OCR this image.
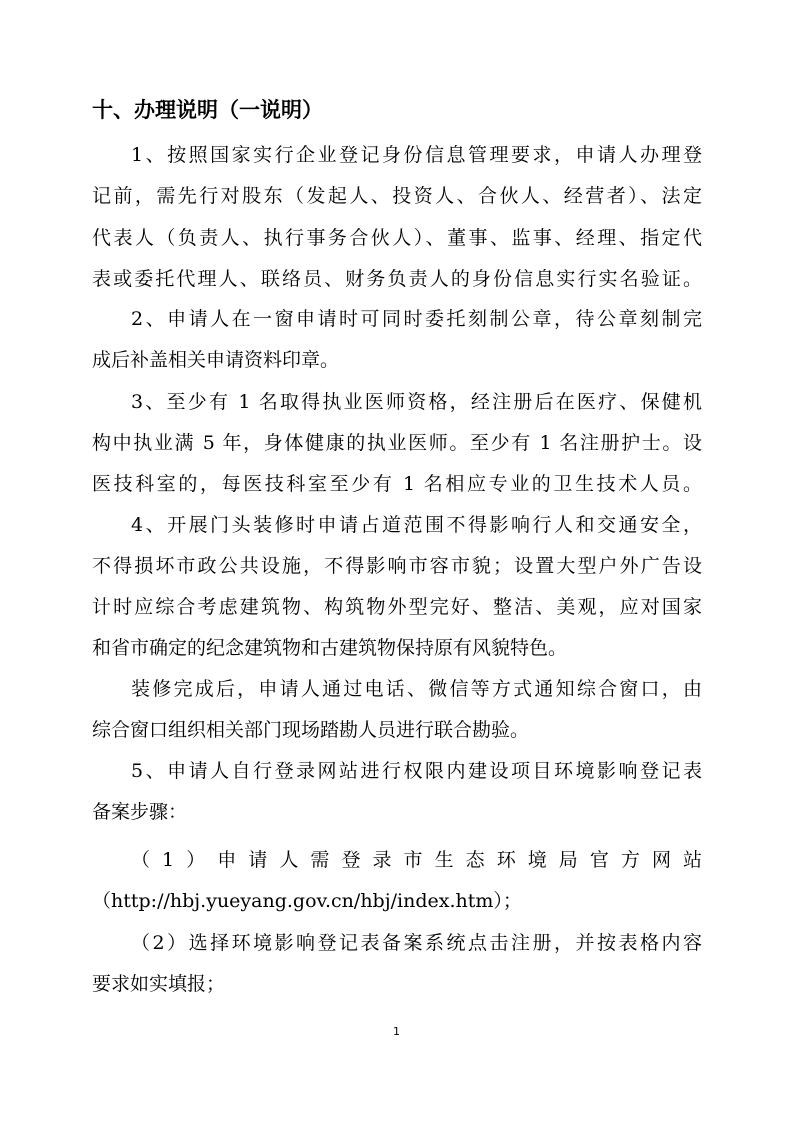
十、办理说明（一说明）
1、按照国家实行企业登记身份信息管理要求，申请人办理登
记前，需先行对股东（发起人、投资人、合伙人、经营者）、法定
代表人（负责人、执行事务合伙人）、董事、监事、经理、指定代
表或委托代理人、联络员、财务负责人的身份信息实行实名验证。
2、申请人在一窗申请时可同时委托刻制公章，待公章刻制完
成后补盖相关申请资料印章。
3、至少有 1 名取得执业医师资格，经注册后在医疗、保健机
构中执业满 5 年，身体健康的执业医师。至少有 1 名注册护士。设
医技科室的，每医技科室至少有 1 名相应专业的卫生技术人员。
4、开展门头装修时申请占道范围不得影响行人和交通安全，
不得损坏市政公共设施，不得影响市容市貌；设置大型户外广告设
计时应综合考虑建筑物、构筑物外型完好、整洁、美观，应对国家
和省市确定的纪念建筑物和古建筑物保持原有风貌特色。
装修完成后，申请人通过电话、微信等方式通知综合窗口，由
综合窗口组织相关部门现场踏勘人员进行联合勘验。
5、申请人自行登录网站进行权限内建设项目环境影响登记表
备案步骤：
（1）申请人需登录市生态环境局官方网站
（http://hbj.yueyang.gov.cn/hbj/index.htm）；
（2）选择环境影响登记表备案系统点击注册，并按表格内容
要求如实填报；
1
